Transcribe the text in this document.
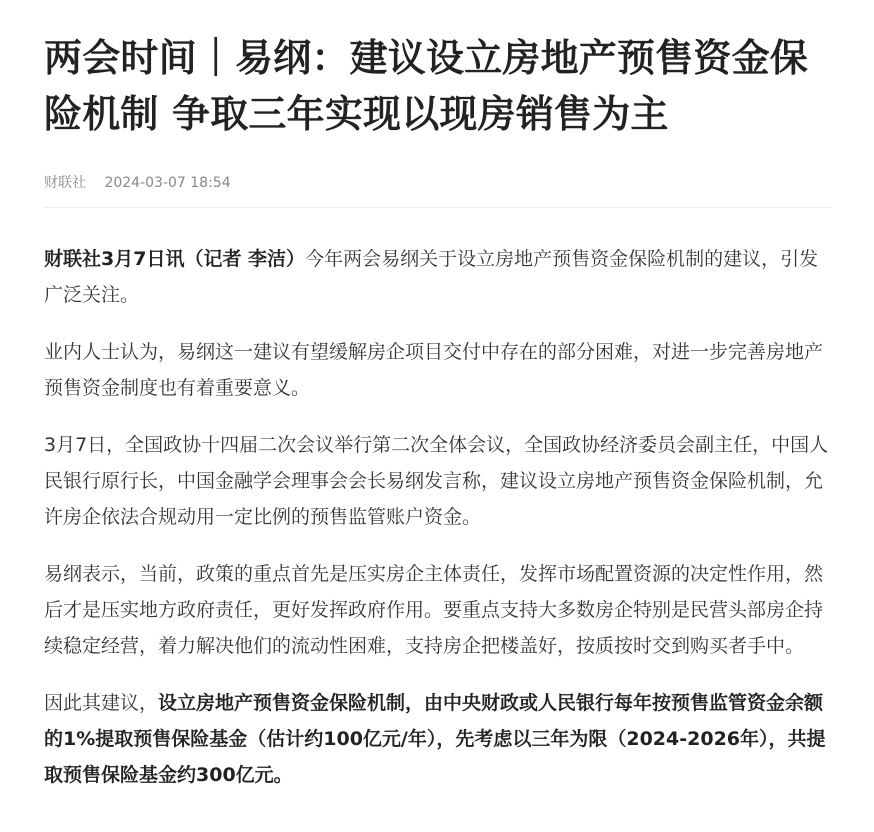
两会时间｜易纲：建议设立房地产预售资金保险机制 争取三年实现以现房销售为主
财联社 2024-03-07 18:54

财联社3月7日讯（记者 李洁）今年两会易纲关于设立房地产预售资金保险机制的建议，引发广泛关注。

业内人士认为，易纲这一建议有望缓解房企项目交付中存在的部分困难，对进一步完善房地产预售资金制度也有着重要意义。

3月7日，全国政协十四届二次会议举行第二次全体会议，全国政协经济委员会副主任，中国人民银行原行长，中国金融学会理事会会长易纲发言称，建议设立房地产预售资金保险机制，允许房企依法合规动用一定比例的预售监管账户资金。

易纲表示，当前，政策的重点首先是压实房企主体责任，发挥市场配置资源的决定性作用，然后才是压实地方政府责任，更好发挥政府作用。要重点支持大多数房企特别是民营头部房企持续稳定经营，着力解决他们的流动性困难，支持房企把楼盖好，按质按时交到购买者手中。

因此其建议，设立房地产预售资金保险机制，由中央财政或人民银行每年按预售监管资金余额的1%提取预售保险基金（估计约100亿元/年），先考虑以三年为限（2024-2026年），共提取预售保险基金约300亿元。
